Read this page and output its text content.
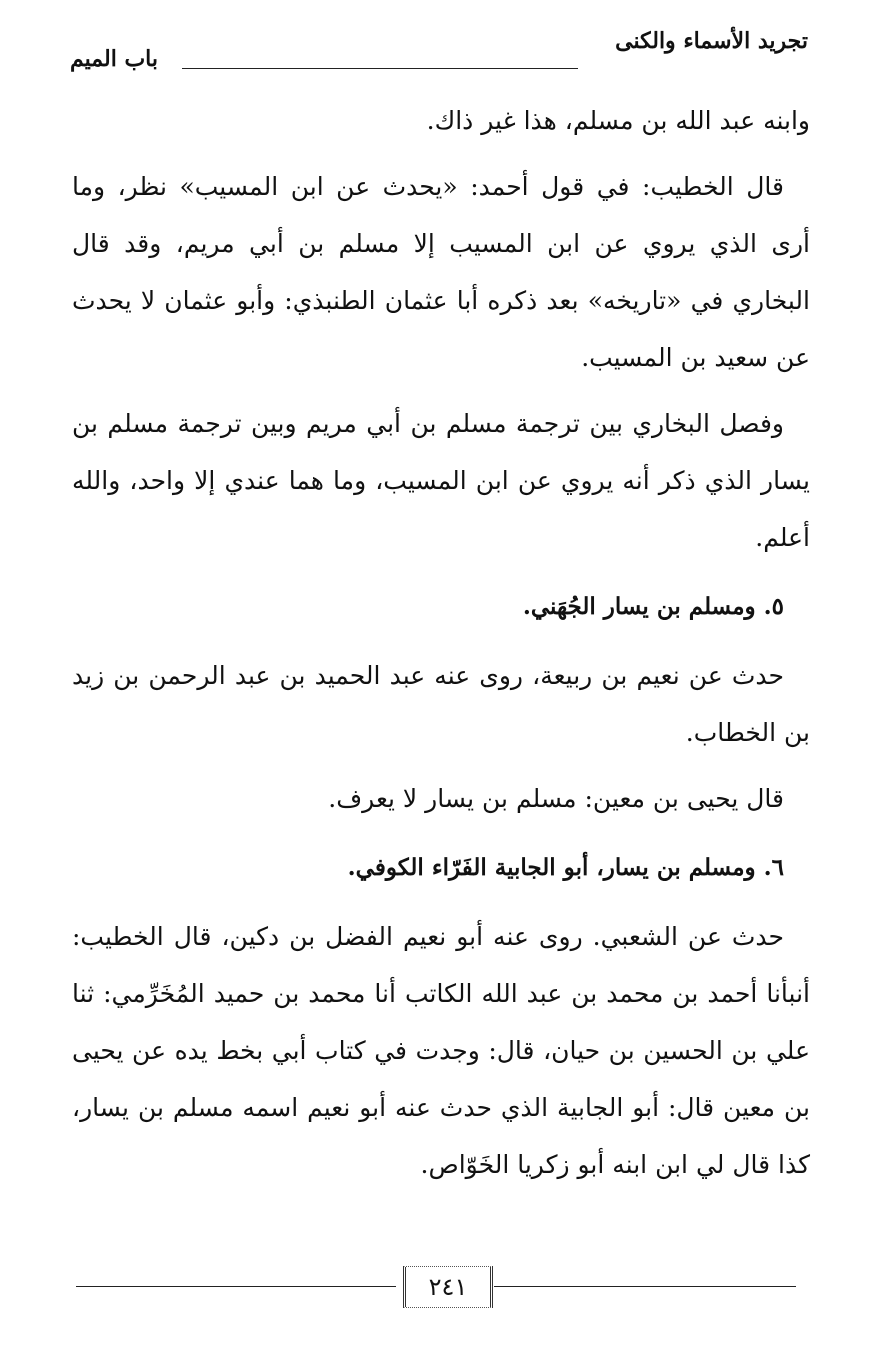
تجريد الأسماء والكنى
باب الميم

وابنه عبد الله بن مسلم، هذا غير ذاك.

قال الخطيب: في قول أحمد: «يحدث عن ابن المسيب» نظر، وما أرى الذي يروي عن ابن المسيب إلا مسلم بن أبي مريم، وقد قال البخاري في «تاريخه» بعد ذكره أبا عثمان الطنبذي: وأبو عثمان لا يحدث عن سعيد بن المسيب.

وفصل البخاري بين ترجمة مسلم بن أبي مريم وبين ترجمة مسلم بن يسار الذي ذكر أنه يروي عن ابن المسيب، وما هما عندي إلا واحد، والله أعلم.

٥. ومسلم بن يسار الجُهَني.

حدث عن نعيم بن ربيعة، روى عنه عبد الحميد بن عبد الرحمن بن زيد بن الخطاب.

قال يحيى بن معين: مسلم بن يسار لا يعرف.

٦. ومسلم بن يسار، أبو الجابية الفَرّاء الكوفي.

حدث عن الشعبي. روى عنه أبو نعيم الفضل بن دكين، قال الخطيب: أنبأنا أحمد بن محمد بن عبد الله الكاتب أنا محمد بن حميد المُخَرِّمي: ثنا علي بن الحسين بن حيان، قال: وجدت في كتاب أبي بخط يده عن يحيى بن معين قال: أبو الجابية الذي حدث عنه أبو نعيم اسمه مسلم بن يسار، كذا قال لي ابن ابنه أبو زكريا الخَوّاص.

٢٤١
